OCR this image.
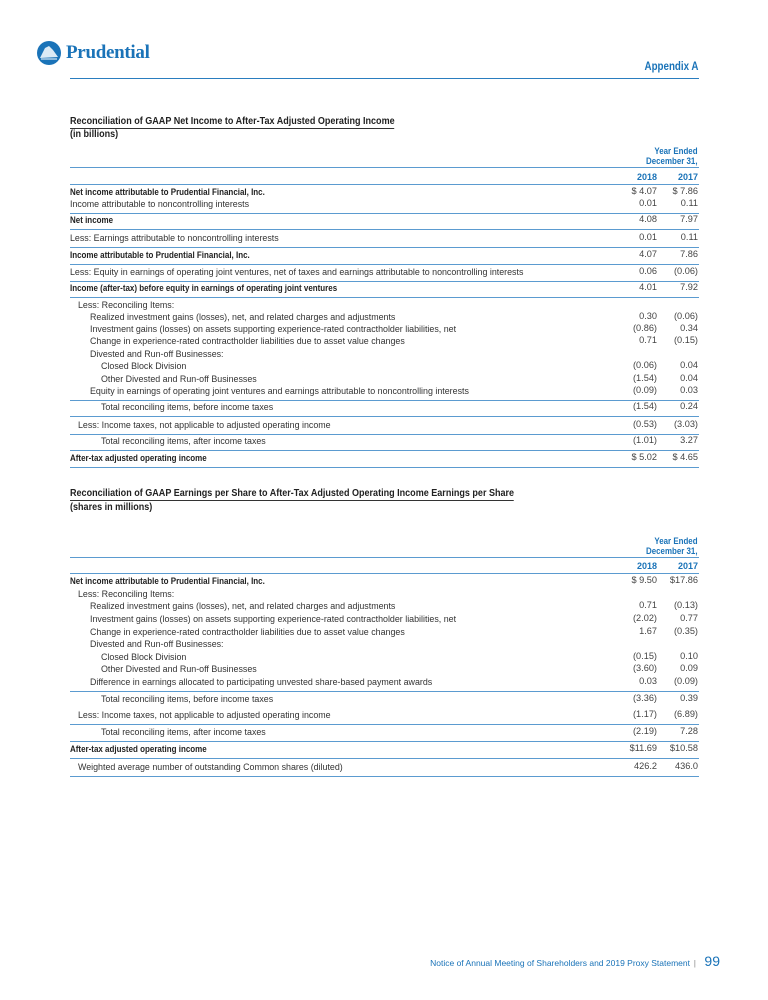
Prudential
Appendix A
Reconciliation of GAAP Net Income to After-Tax Adjusted Operating Income
(in billions)
Year Ended
December 31,
2018	2017
Net income attributable to Prudential Financial, Inc.	$ 4.07	$ 7.86
Income attributable to noncontrolling interests	0.01	0.11
Net income	4.08	7.97
Less: Earnings attributable to noncontrolling interests	0.01	0.11
Income attributable to Prudential Financial, Inc.	4.07	7.86
Less: Equity in earnings of operating joint ventures, net of taxes and earnings attributable to noncontrolling interests	0.06	(0.06)
Income (after-tax) before equity in earnings of operating joint ventures	4.01	7.92
Less: Reconciling Items:
Realized investment gains (losses), net, and related charges and adjustments	0.30	(0.06)
Investment gains (losses) on assets supporting experience-rated contractholder liabilities, net	(0.86)	0.34
Change in experience-rated contractholder liabilities due to asset value changes	0.71	(0.15)
Divested and Run-off Businesses:
Closed Block Division	(0.06)	0.04
Other Divested and Run-off Businesses	(1.54)	0.04
Equity in earnings of operating joint ventures and earnings attributable to noncontrolling interests	(0.09)	0.03
Total reconciling items, before income taxes	(1.54)	0.24
Less: Income taxes, not applicable to adjusted operating income	(0.53)	(3.03)
Total reconciling items, after income taxes	(1.01)	3.27
After-tax adjusted operating income	$ 5.02	$ 4.65
Reconciliation of GAAP Earnings per Share to After-Tax Adjusted Operating Income Earnings per Share
(shares in millions)
Year Ended
December 31,
2018	2017
Net income attributable to Prudential Financial, Inc.	$ 9.50	$17.86
Less: Reconciling Items:
Realized investment gains (losses), net, and related charges and adjustments	0.71	(0.13)
Investment gains (losses) on assets supporting experience-rated contractholder liabilities, net	(2.02)	0.77
Change in experience-rated contractholder liabilities due to asset value changes	1.67	(0.35)
Divested and Run-off Businesses:
Closed Block Division	(0.15)	0.10
Other Divested and Run-off Businesses	(3.60)	0.09
Difference in earnings allocated to participating unvested share-based payment awards	0.03	(0.09)
Total reconciling items, before income taxes	(3.36)	0.39
Less: Income taxes, not applicable to adjusted operating income	(1.17)	(6.89)
Total reconciling items, after income taxes	(2.19)	7.28
After-tax adjusted operating income	$11.69	$10.58
Weighted average number of outstanding Common shares (diluted)	426.2	436.0
Notice of Annual Meeting of Shareholders and 2019 Proxy Statement | 99
